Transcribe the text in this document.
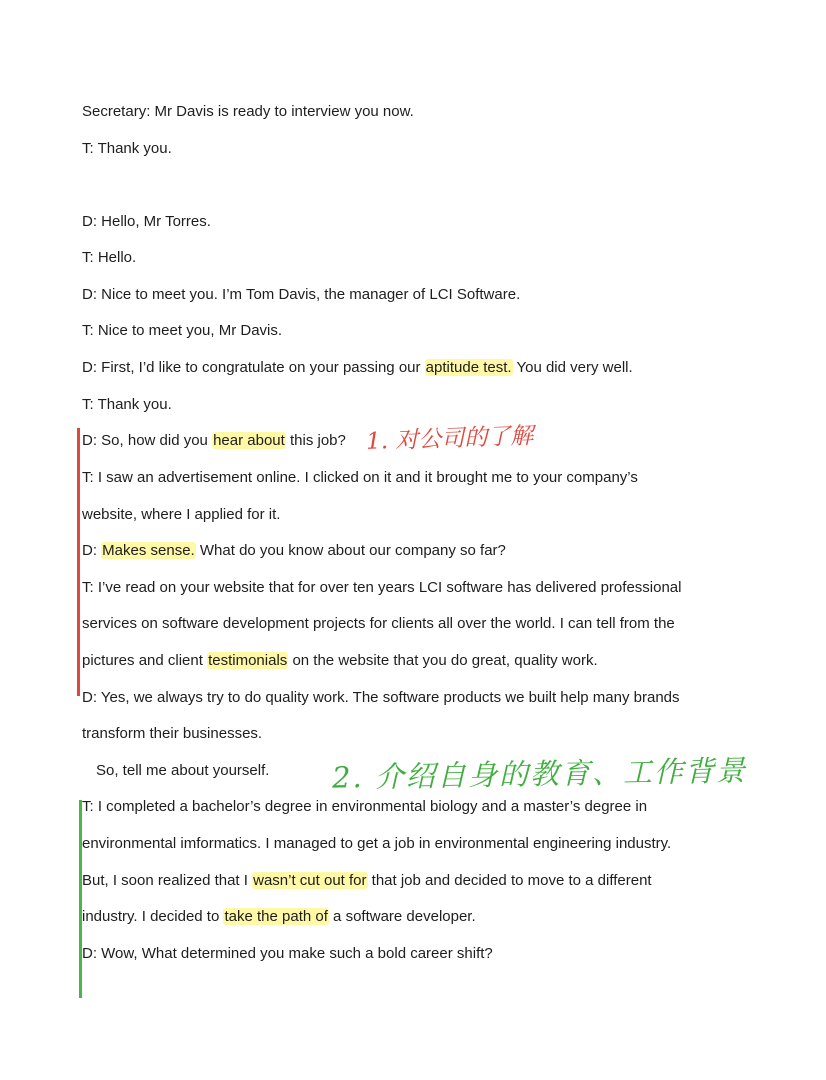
Secretary: Mr Davis is ready to interview you now.
T: Thank you.
D: Hello, Mr Torres.
T: Hello.
D: Nice to meet you. I’m Tom Davis, the manager of LCI Software.
T: Nice to meet you, Mr Davis.
D: First, I’d like to congratulate on your passing our aptitude test. You did very well.
T: Thank you.
D: So, how did you hear about this job?
T: I saw an advertisement online. I clicked on it and it brought me to your company’s
website, where I applied for it.
D: Makes sense. What do you know about our company so far?
T: I’ve read on your website that for over ten years LCI software has delivered professional
services on software development projects for clients all over the world. I can tell from the
pictures and client testimonials on the website that you do great, quality work.
D: Yes, we always try to do quality work. The software products we built help many brands
transform their businesses.
So, tell me about yourself.
T: I completed a bachelor’s degree in environmental biology and a master’s degree in
environmental imformatics. I managed to get a job in environmental engineering industry.
But, I soon realized that I wasn’t cut out for that job and decided to move to a different
industry. I decided to take the path of a software developer.
D: Wow, What determined you make such a bold career shift?
1. 对公司的了解
2. 介绍自身的教育、工作背景
